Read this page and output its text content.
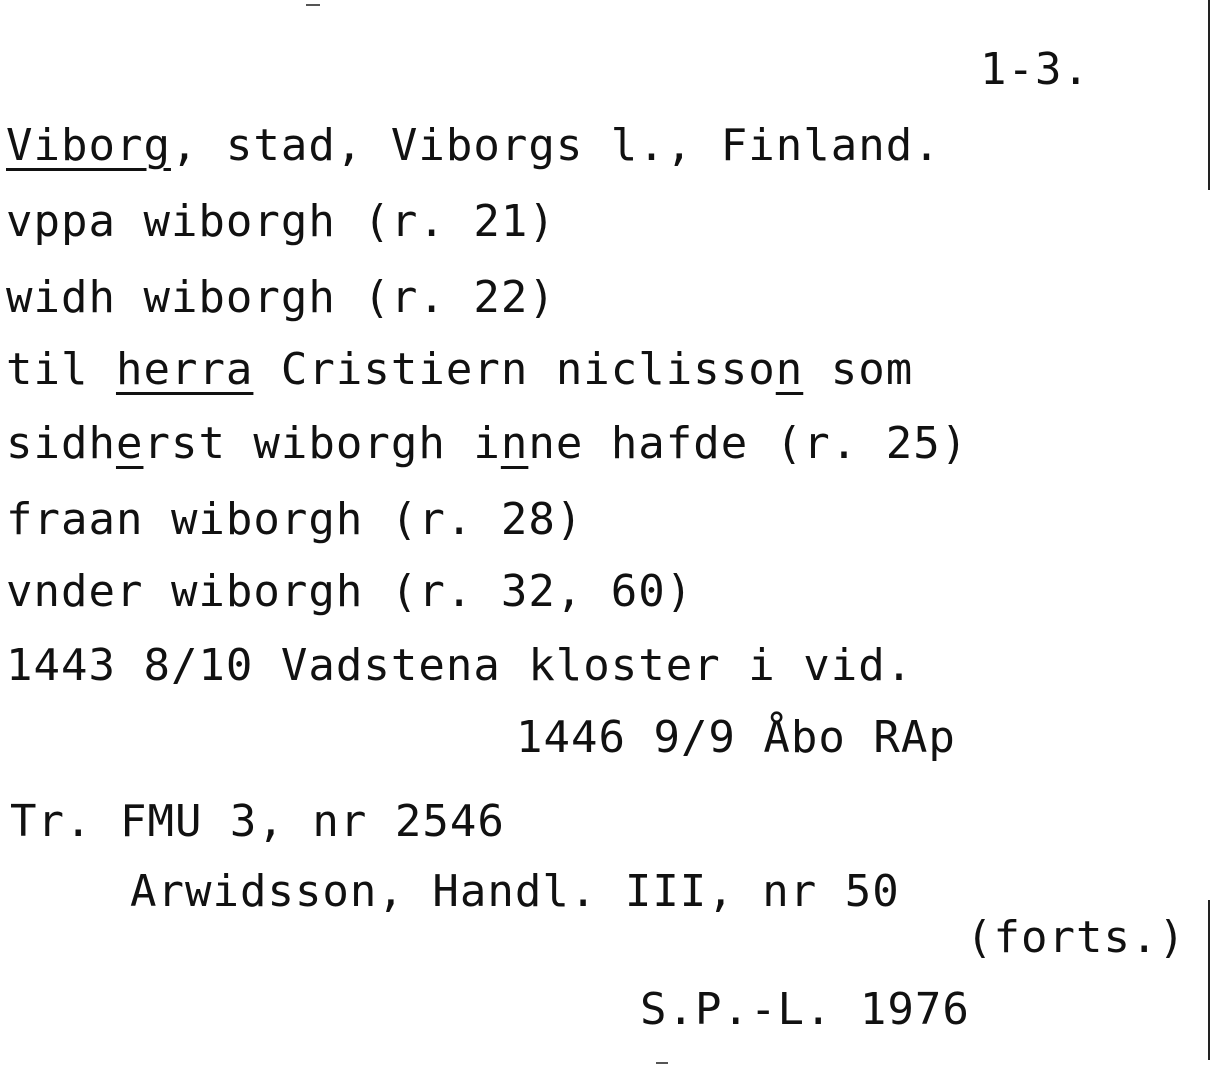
1-3.
Viborg, stad, Viborgs l., Finland.
vppa wiborgh (r. 21)
widh wiborgh (r. 22)
til herra Cristiern niclisson som
sidherst wiborgh inne hafde (r. 25)
fraan wiborgh (r. 28)
vnder wiborgh (r. 32, 60)
1443 8/10 Vadstena kloster i vid.
1446 9/9 Åbo RAp
Tr. FMU 3, nr 2546
Arwidsson, Handl. III, nr 50
(forts.)
S.P.-L. 1976
